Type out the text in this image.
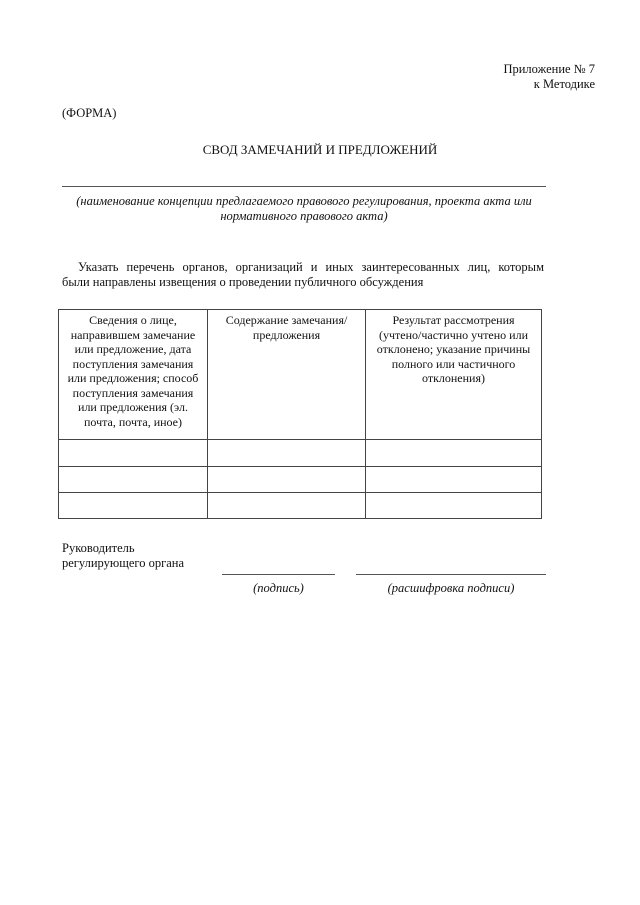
Приложение № 7
к Методике
(ФОРМА)
СВОД ЗАМЕЧАНИЙ И ПРЕДЛОЖЕНИЙ
(наименование концепции предлагаемого правового регулирования, проекта акта или
нормативного правового акта)
Указать перечень органов, организаций и иных заинтересованных лиц, которым
были направлены извещения о проведении публичного обсуждения
Сведения о лице, направившем замечание или предложение, дата поступления замечания или предложения; способ поступления замечания или предложения (эл. почта, почта, иное)	Содержание замечания/предложения	Результат рассмотрения (учтено/частично учтено или отклонено; указание причины полного или частичного отклонения)

Руководитель
регулирующего органа
(подпись)	(расшифровка подписи)
